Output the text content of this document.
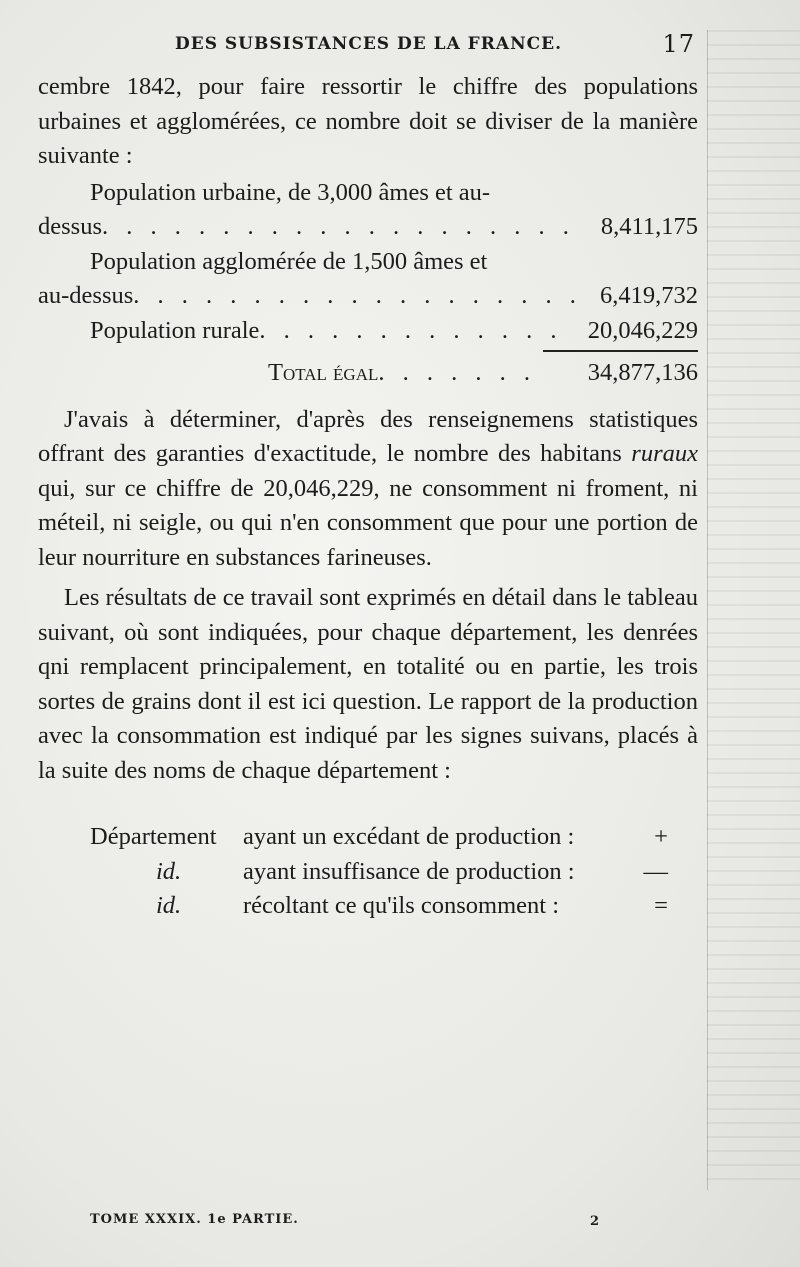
DES SUBSISTANCES DE LA FRANCE.	17

cembre 1842, pour faire ressortir le chiffre des populations urbaines et agglomérées, ce nombre doit se diviser de la manière suivante :

Population urbaine, de 3,000 âmes et au-
dessus. . . . . . . . . . . . . . . . . . . . 8,411,175
Population agglomérée de 1,500 âmes et
au-dessus. . . . . . . . . . . . . . . . . . . 6,419,732
Population rurale. . . . . . . . . . . . . 20,046,229
Total égal. . . . . . . 34,877,136

J'avais à déterminer, d'après des renseignemens statistiques offrant des garanties d'exactitude, le nombre des habitans ruraux qui, sur ce chiffre de 20,046,229, ne consomment ni froment, ni méteil, ni seigle, ou qui n'en consomment que pour une portion de leur nourriture en substances farineuses.

Les résultats de ce travail sont exprimés en détail dans le tableau suivant, où sont indiquées, pour chaque département, les denrées qni remplacent principalement, en totalité ou en partie, les trois sortes de grains dont il est ici question. Le rapport de la production avec la consommation est indiqué par les signes suivans, placés à la suite des noms de chaque département :

Département ayant un excédant de production :	+
id.	ayant insuffisance de production :	—
id.	récoltant ce qu'ils consomment :	=
TOME XXXIX. 1e PARTIE.	2
